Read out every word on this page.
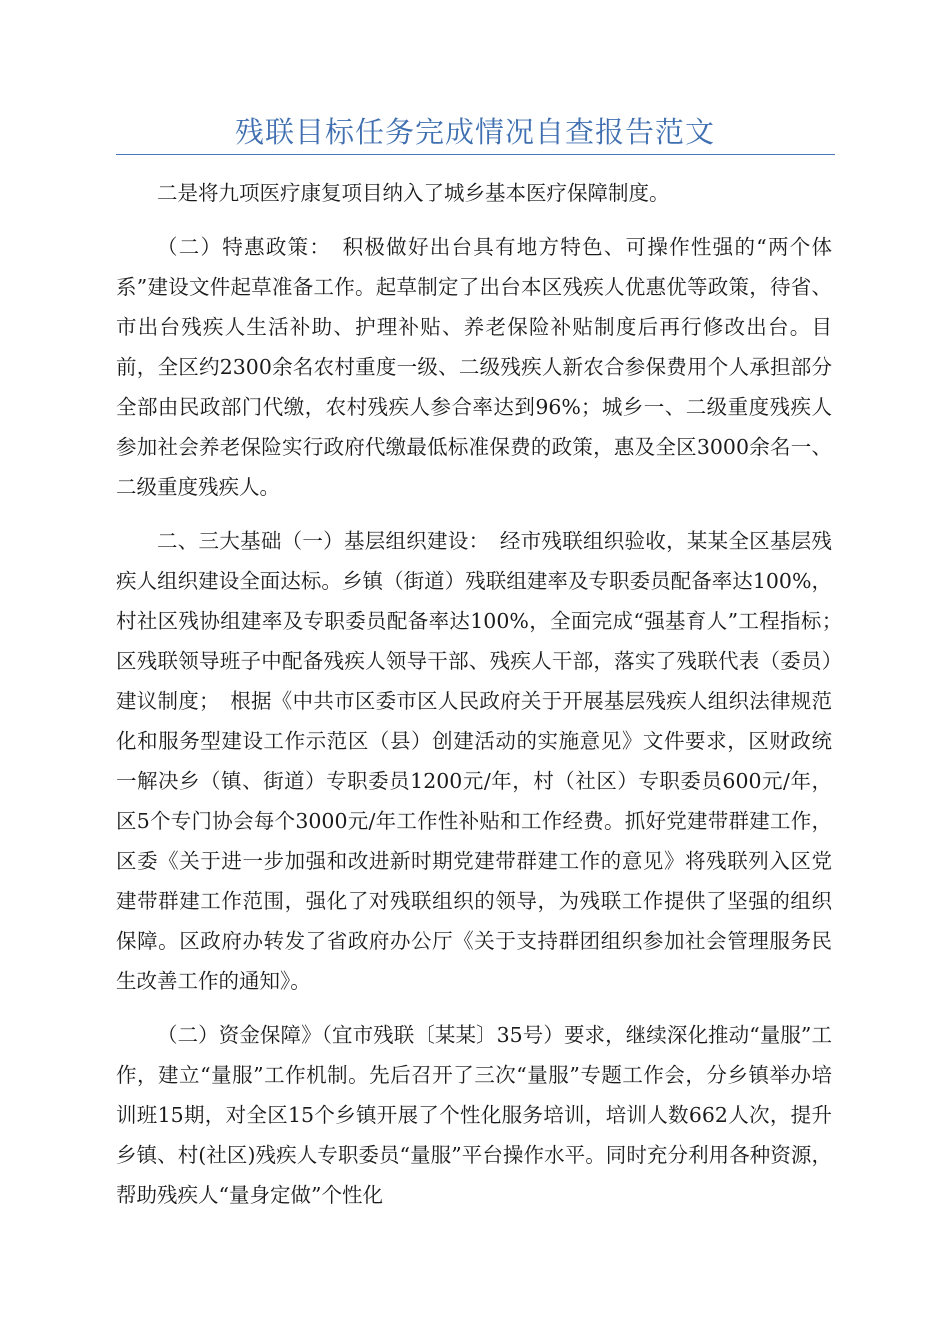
残联目标任务完成情况自查报告范文

二是将九项医疗康复项目纳入了城乡基本医疗保障制度。

（二）特惠政策：　积极做好出台具有地方特色、可操作性强的“两个体系”建设文件起草准备工作。起草制定了出台本区残疾人优惠优等政策，待省、市出台残疾人生活补助、护理补贴、养老保险补贴制度后再行修改出台。目前，全区约2300余名农村重度一级、二级残疾人新农合参保费用个人承担部分全部由民政部门代缴，农村残疾人参合率达到96%；城乡一、二级重度残疾人参加社会养老保险实行政府代缴最低标准保费的政策，惠及全区3000余名一、二级重度残疾人。

二、三大基础（一）基层组织建设：　经市残联组织验收，某某全区基层残疾人组织建设全面达标。乡镇（街道）残联组建率及专职委员配备率达100%，村社区残协组建率及专职委员配备率达100%，全面完成“强基育人”工程指标；　区残联领导班子中配备残疾人领导干部、残疾人干部，落实了残联代表（委员）建议制度；　根据《中共市区委市区人民政府关于开展基层残疾人组织法律规范化和服务型建设工作示范区（县）创建活动的实施意见》文件要求，区财政统一解决乡（镇、街道）专职委员1200元/年，村（社区）专职委员600元/年，区5个专门协会每个3000元/年工作性补贴和工作经费。抓好党建带群建工作，区委《关于进一步加强和改进新时期党建带群建工作的意见》将残联列入区党建带群建工作范围，强化了对残联组织的领导，为残联工作提供了坚强的组织保障。区政府办转发了省政府办公厅《关于支持群团组织参加社会管理服务民生改善工作的通知》。

（二）资金保障》（宜市残联〔某某〕35号）要求，继续深化推动“量服”工作，建立“量服”工作机制。先后召开了三次“量服”专题工作会，分乡镇举办培训班15期，对全区15个乡镇开展了个性化服务培训，培训人数662人次，提升乡镇、村(社区)残疾人专职委员“量服”平台操作水平。同时充分利用各种资源，帮助残疾人“量身定做”个性化
